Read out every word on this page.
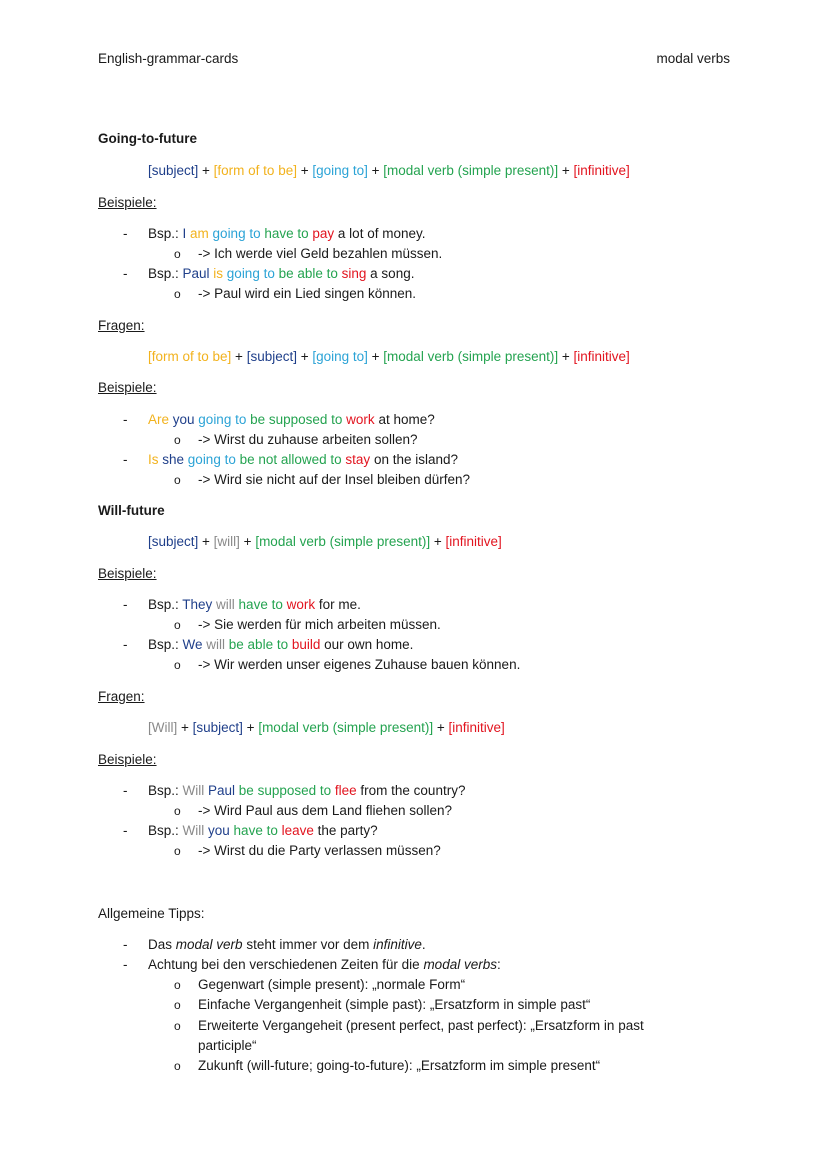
English-grammar-cards	modal verbs
Going-to-future
[subject] + [form of to be] + [going to] + [modal verb (simple present)] + [infinitive]
Beispiele:
- Bsp.: I am going to have to pay a lot of money.
o -> Ich werde viel Geld bezahlen müssen.
- Bsp.: Paul is going to be able to sing a song.
o -> Paul wird ein Lied singen können.
Fragen:
[form of to be] + [subject] + [going to] + [modal verb (simple present)] + [infinitive]
Beispiele:
- Are you going to be supposed to work at home?
o -> Wirst du zuhause arbeiten sollen?
- Is she going to be not allowed to stay on the island?
o -> Wird sie nicht auf der Insel bleiben dürfen?
Will-future
[subject] + [will] + [modal verb (simple present)] + [infinitive]
Beispiele:
- Bsp.: They will have to work for me.
o -> Sie werden für mich arbeiten müssen.
- Bsp.: We will be able to build our own home.
o -> Wir werden unser eigenes Zuhause bauen können.
Fragen:
[Will] + [subject] + [modal verb (simple present)] + [infinitive]
Beispiele:
- Bsp.: Will Paul be supposed to flee from the country?
o -> Wird Paul aus dem Land fliehen sollen?
- Bsp.: Will you have to leave the party?
o -> Wirst du die Party verlassen müssen?
Allgemeine Tipps:
- Das modal verb steht immer vor dem infinitive.
- Achtung bei den verschiedenen Zeiten für die modal verbs:
o Gegenwart (simple present): „normale Form“
o Einfache Vergangenheit (simple past): „Ersatzform in simple past“
o Erweiterte Vergangeheit (present perfect, past perfect): „Ersatzform in past
participle“
o Zukunft (will-future; going-to-future): „Ersatzform im simple present“
